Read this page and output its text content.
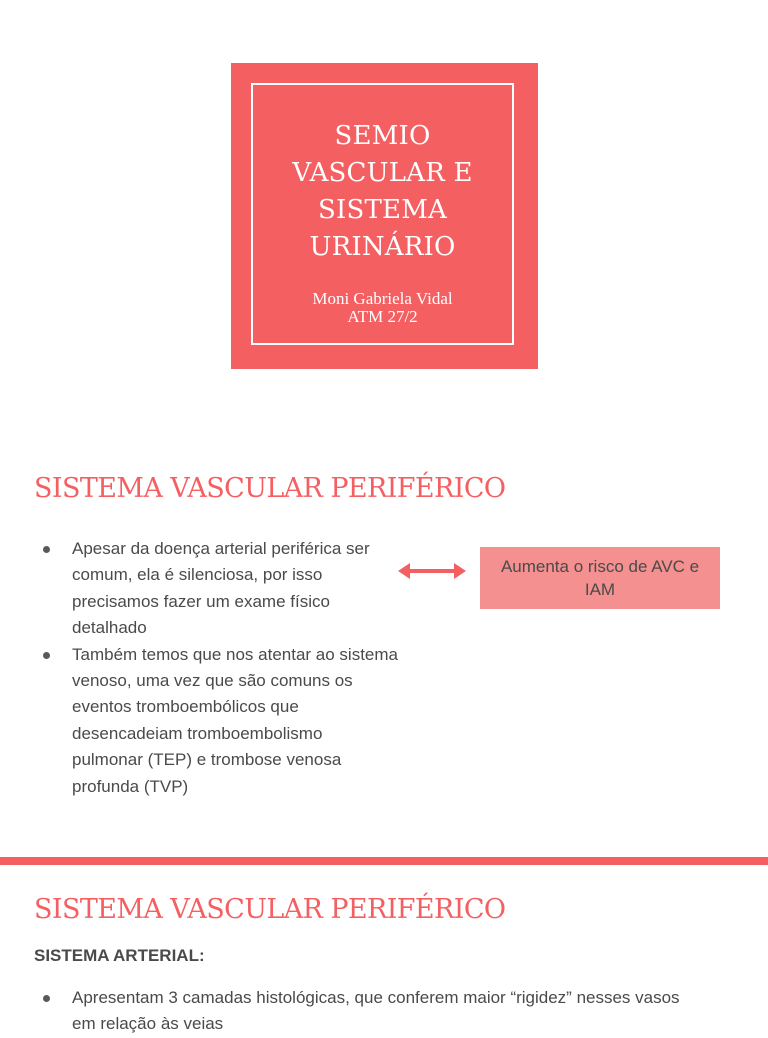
SEMIO
VASCULAR E
SISTEMA
URINÁRIO
Moni Gabriela Vidal
ATM 27/2
SISTEMA VASCULAR PERIFÉRICO
Apesar da doença arterial periférica ser
comum, ela é silenciosa, por isso
precisamos fazer um exame físico
detalhado
Também temos que nos atentar ao sistema
venoso, uma vez que são comuns os
eventos tromboembólicos que
desencadeiam tromboembolismo
pulmonar (TEP) e trombose venosa
profunda (TVP)
Aumenta o risco de AVC e IAM
SISTEMA VASCULAR PERIFÉRICO
SISTEMA ARTERIAL:
Apresentam 3 camadas histológicas, que conferem maior “rigidez” nesses vasos
em relação às veias
